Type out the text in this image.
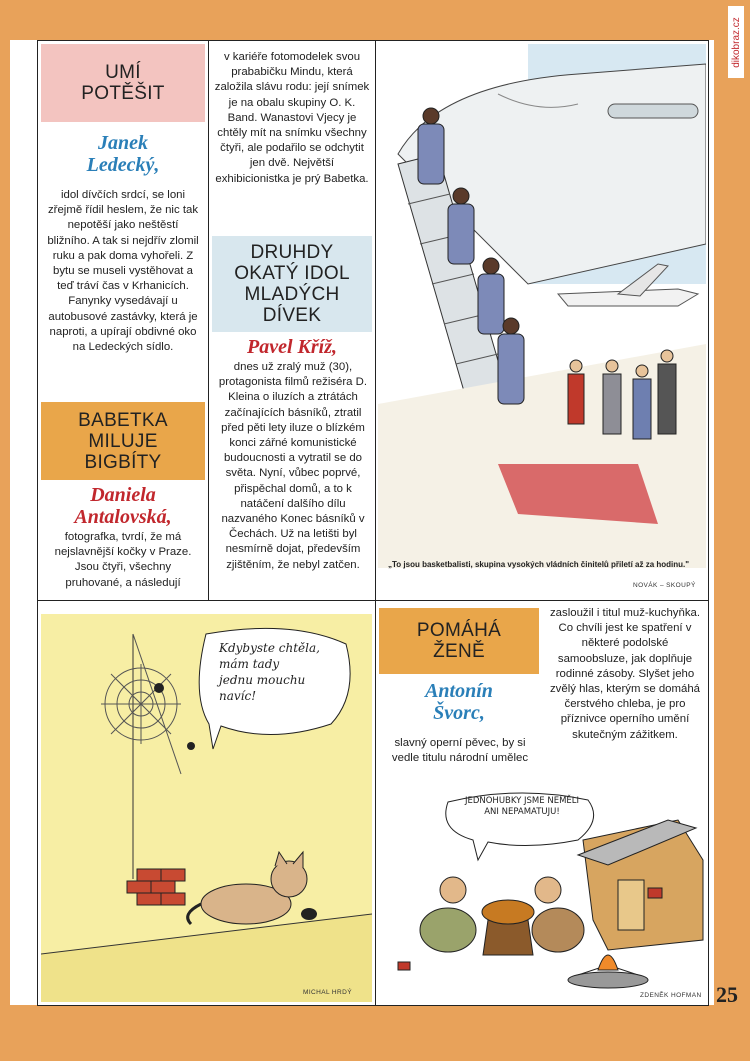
dikobraz.cz
UMÍ
POTĚŠIT
Janek
Ledecký,
idol dívčích srdcí, se loni zřejmě řídil heslem, že nic tak nepotěší jako neštěstí bližního. A tak si nejdřív zlomil ruku a pak doma vyhořeli. Z bytu se museli vystěhovat a teď tráví čas v Krhanicích. Fanynky vysedávají u autobusové zastávky, která je naproti, a upírají obdivné oko na Ledeckých sídlo.
BABETKA
MILUJE
BIGBÍTY
Daniela
Antalovská,
fotografka, tvrdí, že má nejslavnější kočky v Praze. Jsou čtyři, všechny pruhované, a následují
v kariéře fotomodelek svou prababičku Mindu, která založila slávu rodu: její snímek je na obalu skupiny O. K. Band. Wanastovi Vjecy je chtěly mít na snímku všechny čtyři, ale podařilo se odchytit jen dvě. Největší exhibicionistka je prý Babetka.
DRUHDY
OKATÝ IDOL
MLADÝCH
DÍVEK
Pavel Kříž,
dnes už zralý muž (30), protagonista filmů režiséra D. Kleina o iluzích a ztrátách začínajících básníků, ztratil před pěti lety iluze o blízkém konci zářné komunistické budoucnosti a vytratil se do světa. Nyní, vůbec poprvé, přispěchal domů, a to k natáčení dalšího dílu nazvaného Konec básníků v Čechách. Už na letišti byl nesmírně dojat, především zjištěním, že nebyl zatčen.	„To jsou basketbalisti, skupina vysokých vládních činitelů přiletí až za hodinu."
NOVÁK – SKOUPÝ
Kdybyste chtěla,
mám tady
jednu mouchu
navíc!
MICHAL HRDÝ
POMÁHÁ
ŽENĚ
Antonín
Švorc,
slavný operní pěvec, by si vedle titulu národní umělec
zasloužil i titul muž-kuchyňka. Co chvíli jest ke spatření v některé podolské samoobsluze, jak doplňuje rodinné zásoby. Slyšet jeho zvělý hlas, kterým se domáhá čerstvého chleba, je pro příznivce operního umění skutečným zážitkem.
JEDNOHUBKY JSME NEMĚLI
ANI NEPAMATUJU!
ZDENĚK HOFMAN 25
